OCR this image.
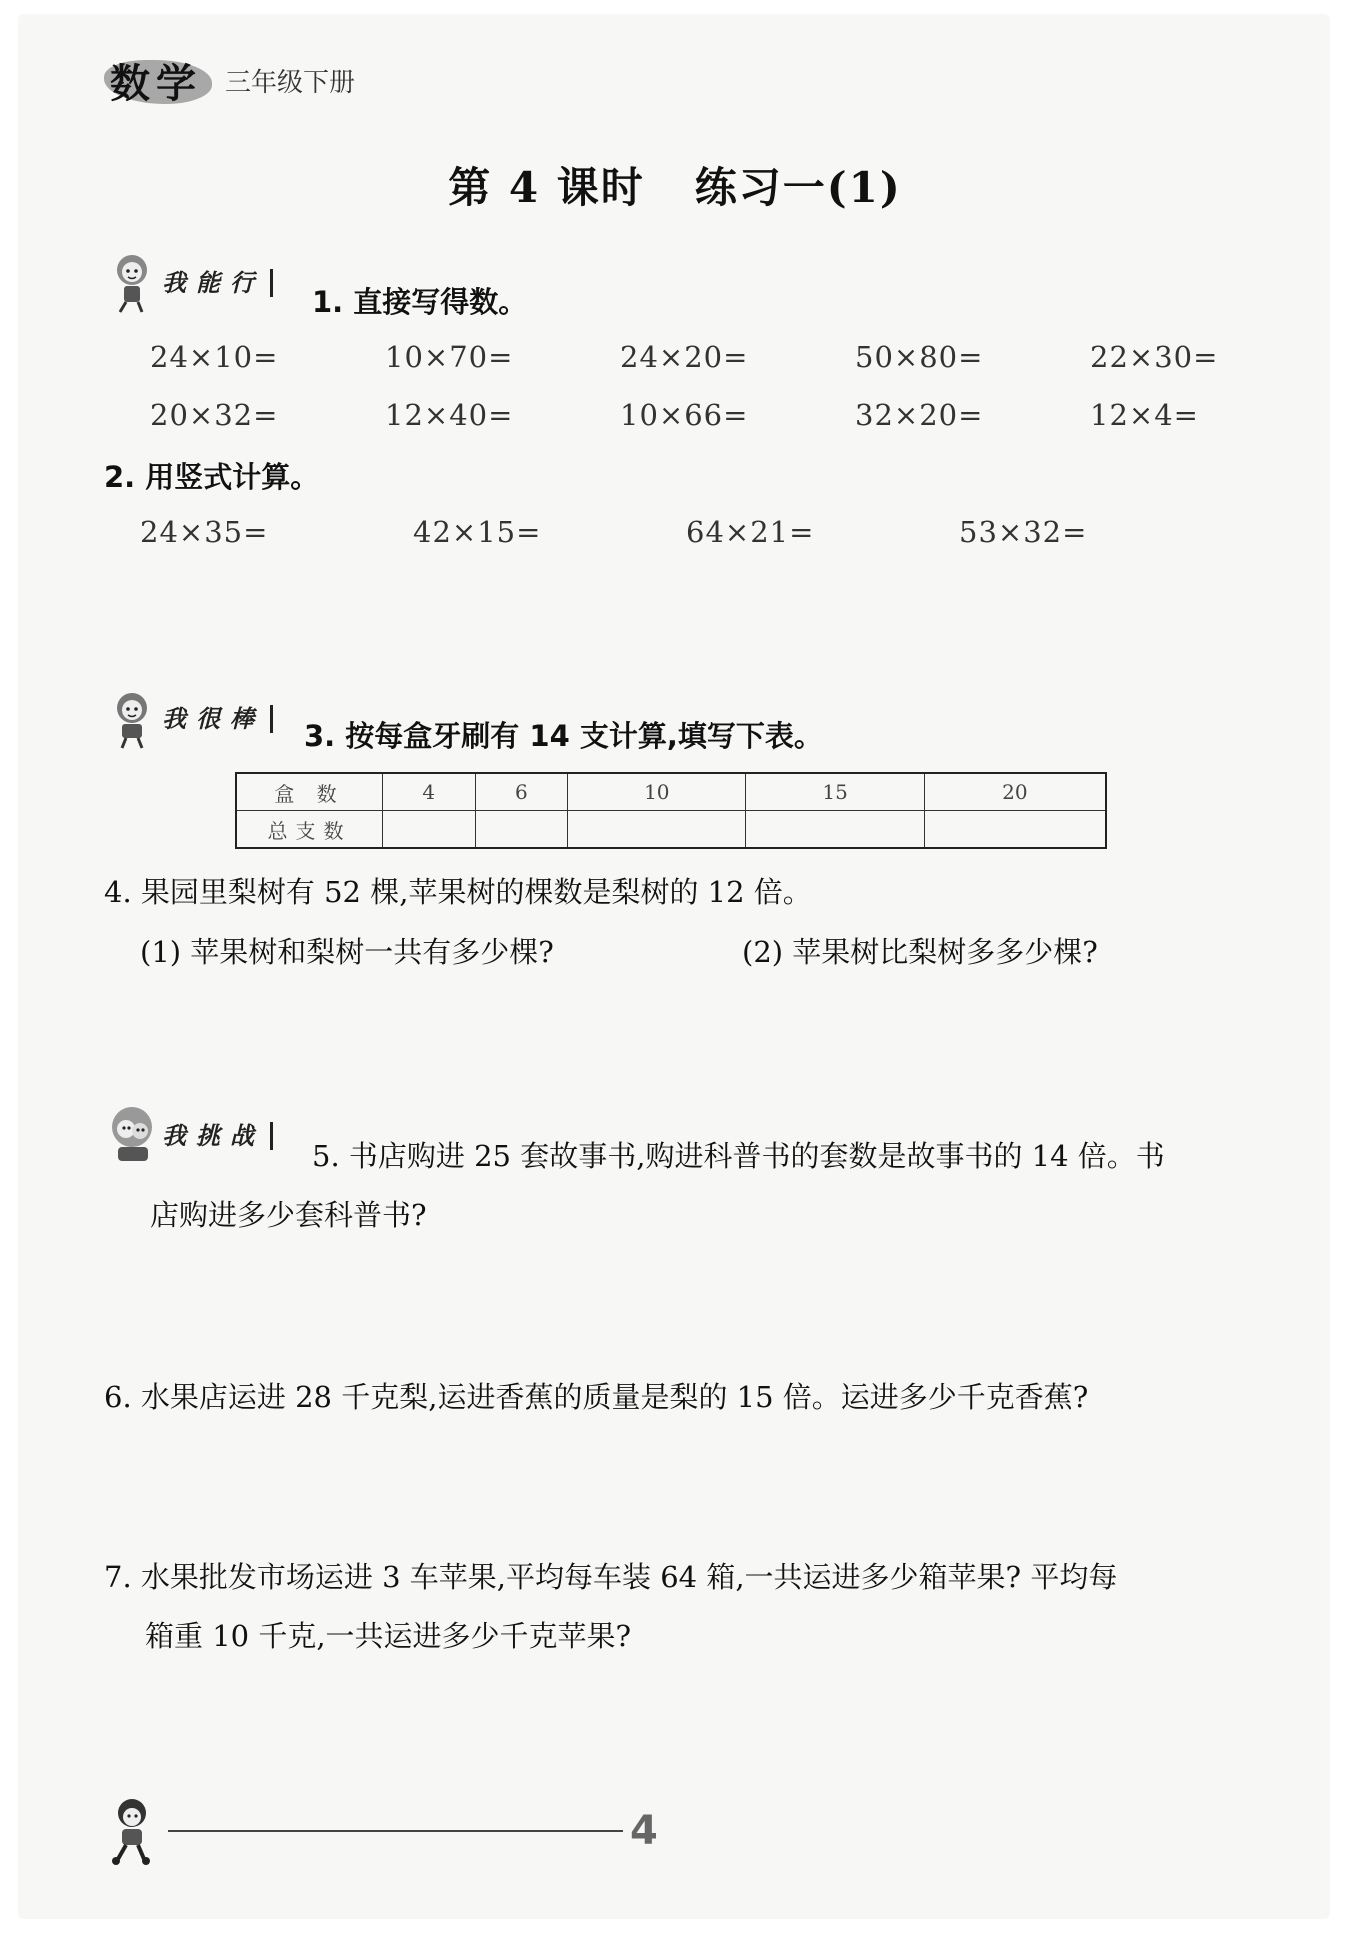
数学 三年级下册
第 4 课时 练习一(1)
我能行
1. 直接写得数。
24×10=	10×70=	24×20=	50×80=	22×30=
20×32=	12×40=	10×66=	32×20=	12×4=
2. 用竖式计算。
24×35=	42×15=	64×21=	53×32=
我很棒	3. 按每盒牙刷有 14 支计算,填写下表。
盒 数	4	6	10	15	20
总支数					
4. 果园里梨树有 52 棵,苹果树的棵数是梨树的 12 倍。
(1) 苹果树和梨树一共有多少棵?	(2) 苹果树比梨树多多少棵?
我挑战
5. 书店购进 25 套故事书,购进科普书的套数是故事书的 14 倍。书
店购进多少套科普书?
6. 水果店运进 28 千克梨,运进香蕉的质量是梨的 15 倍。运进多少千克香蕉?
7. 水果批发市场运进 3 车苹果,平均每车装 64 箱,一共运进多少箱苹果? 平均每
箱重 10 千克,一共运进多少千克苹果?
4
